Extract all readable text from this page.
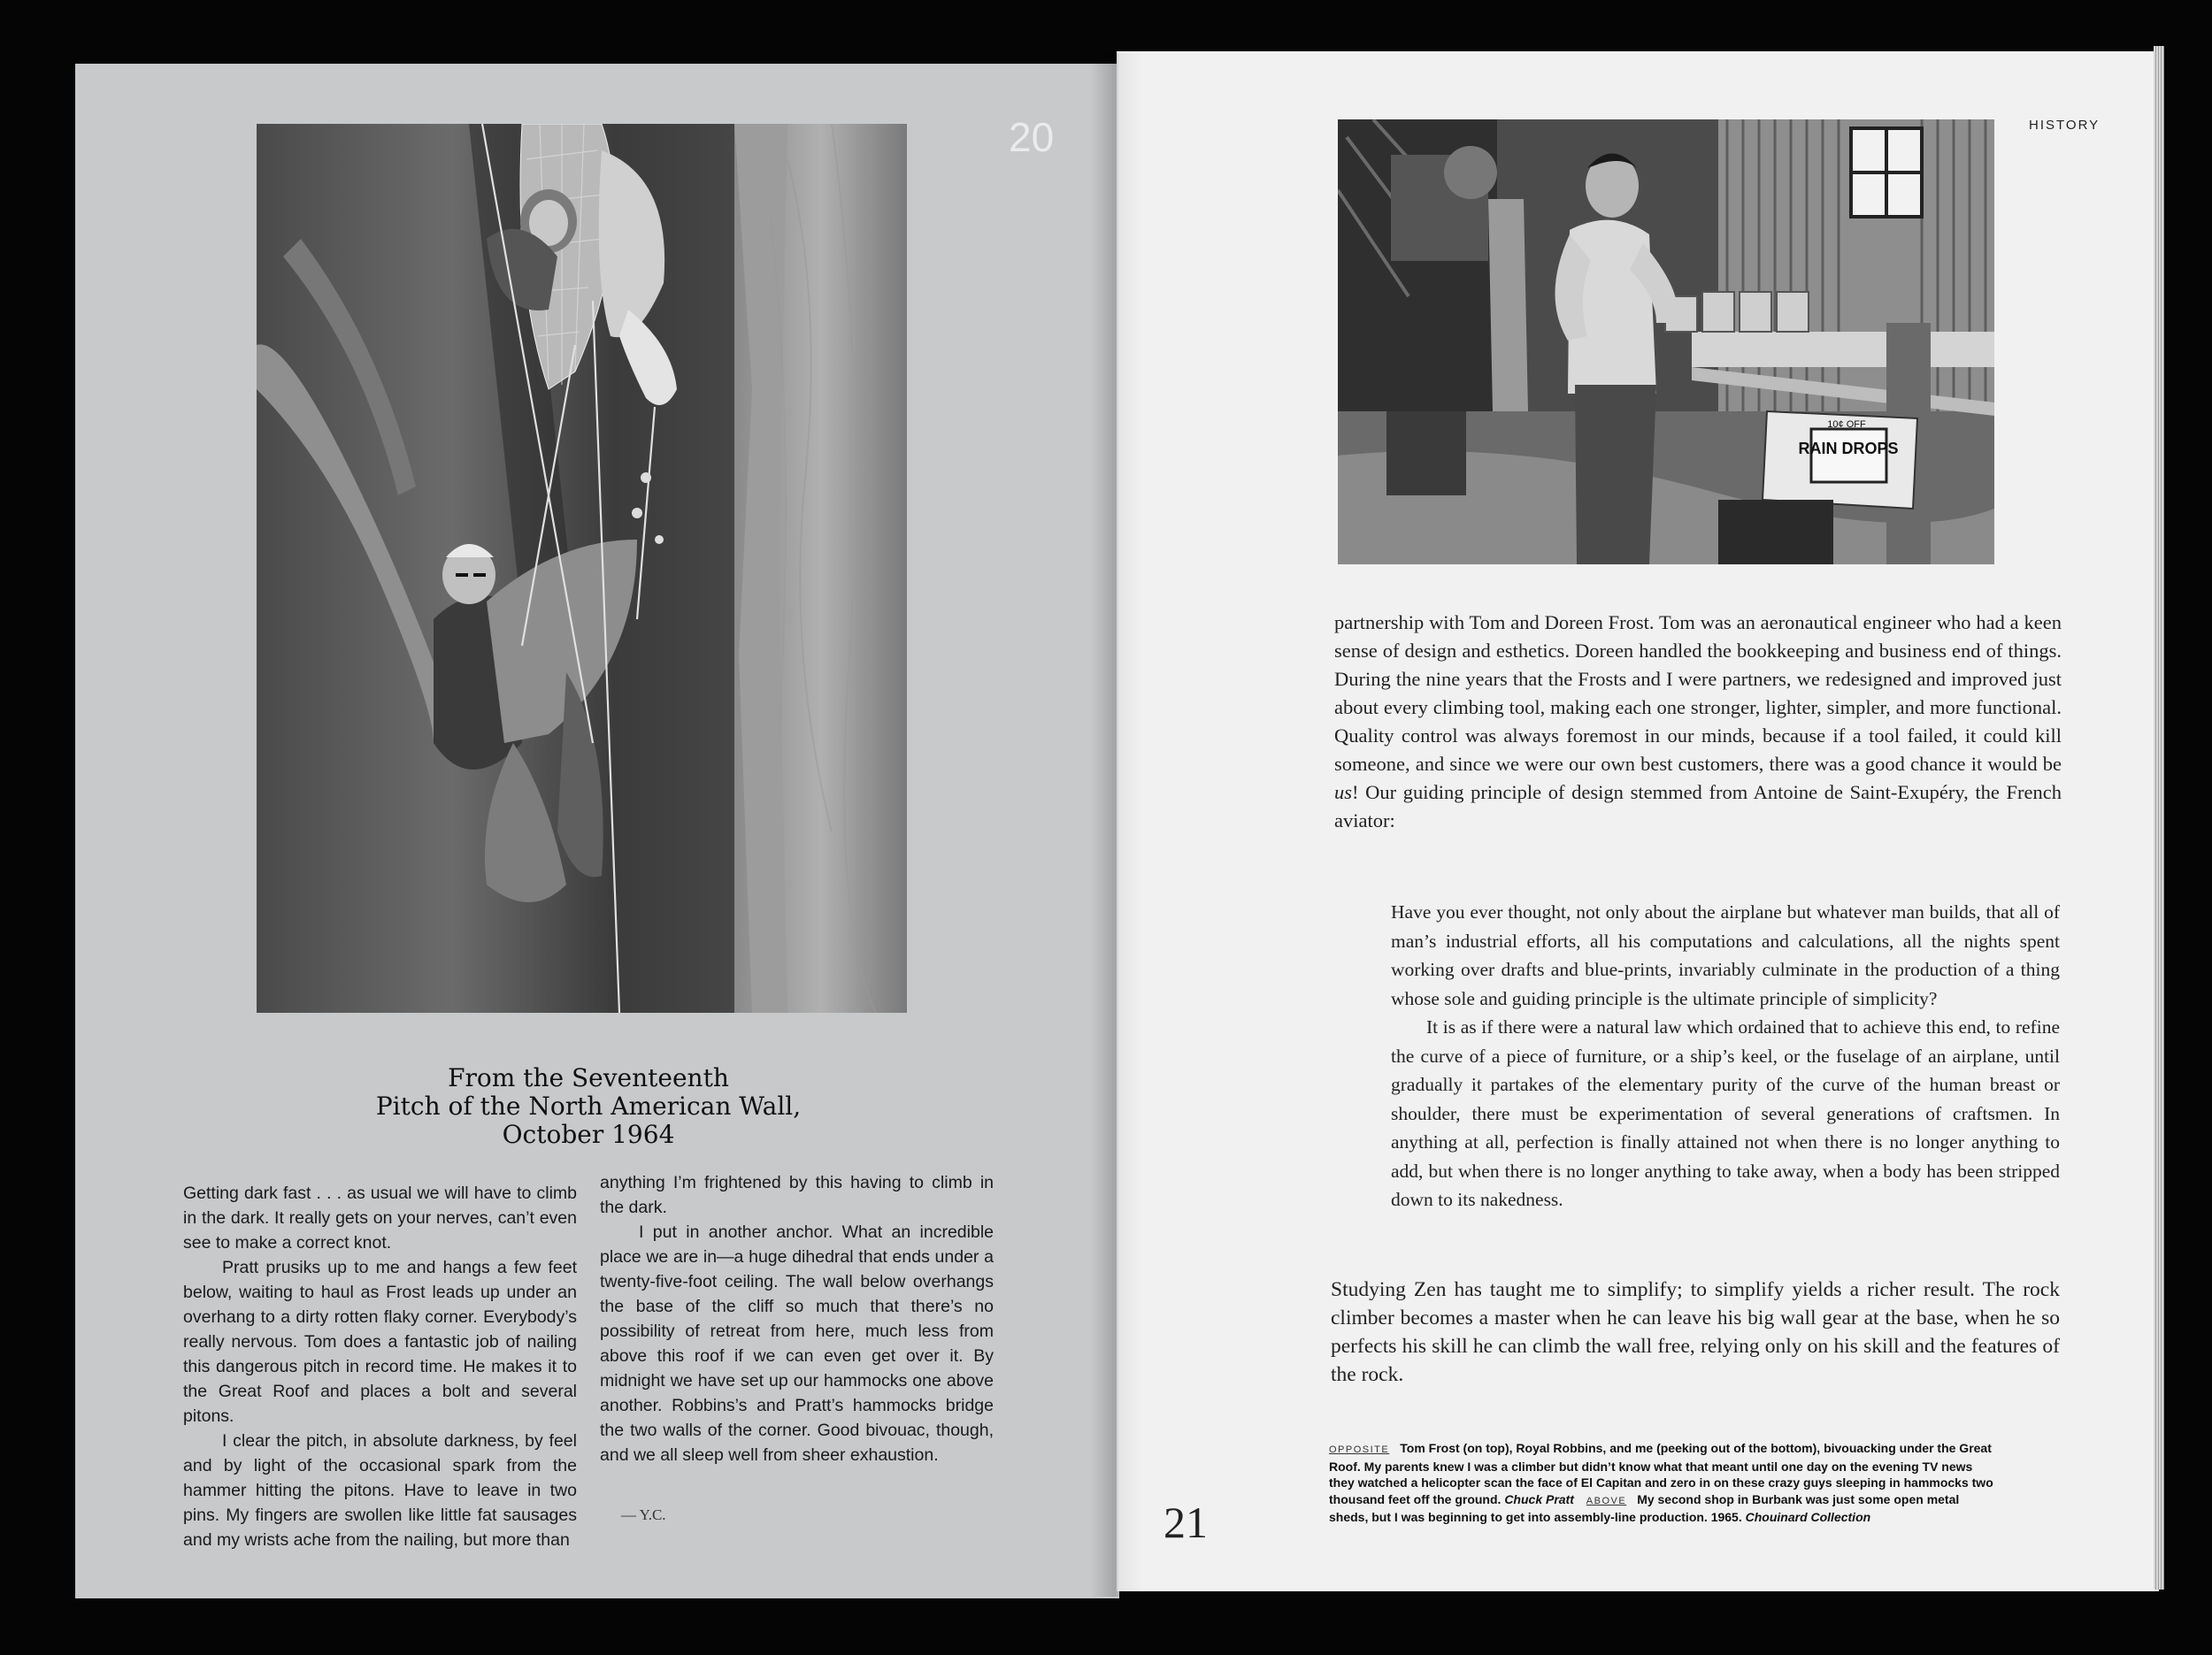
20
From the Seventeenth
Pitch of the North American Wall,
October 1964

Getting dark fast . . . as usual we will have to climb in the dark. It really gets on your nerves, can’t even see to make a correct knot.

Pratt prusiks up to me and hangs a few feet below, waiting to haul as Frost leads up under an overhang to a dirty rotten flaky corner. Everybody’s really nervous. Tom does a fantastic job of nailing this dangerous pitch in record time. He makes it to the Great Roof and places a bolt and several pitons.

I clear the pitch, in absolute darkness, by feel and by light of the occasional spark from the hammer hitting the pitons. Have to leave in two pins. My fingers are swollen like little fat sausages and my wrists ache from the nailing, but more than

anything I’m frightened by this having to climb in the dark.

I put in another anchor. What an incredible place we are in—a huge dihedral that ends under a twenty-five-foot ceiling. The wall below overhangs the base of the cliff so much that there’s no possibility of retreat from here, much less from above this roof if we can even get over it. By midnight we have set up our hammocks one above another. Robbins’s and Pratt’s hammocks bridge the two walls of the corner. Good bivouac, though, and we all sleep well from sheer exhaustion.

— Y.C.
RAIN DROPS
10¢ OFF
HISTORY

partnership with Tom and Doreen Frost. Tom was an aeronautical engineer who had a keen sense of design and esthetics. Doreen handled the bookkeeping and business end of things. During the nine years that the Frosts and I were partners, we redesigned and improved just about every climbing tool, making each one stronger, lighter, simpler, and more functional. Quality control was always foremost in our minds, because if a tool failed, it could kill someone, and since we were our own best customers, there was a good chance it would be us! Our guiding principle of design stemmed from Antoine de Saint-Exupéry, the French aviator:

Have you ever thought, not only about the airplane but whatever man builds, that all of man’s industrial efforts, all his computations and calculations, all the nights spent working over drafts and blue-prints, invariably culminate in the production of a thing whose sole and guiding principle is the ultimate principle of simplicity?

It is as if there were a natural law which ordained that to achieve this end, to refine the curve of a piece of furniture, or a ship’s keel, or the fuselage of an airplane, until gradually it partakes of the elementary purity of the curve of the human breast or shoulder, there must be experimentation of several generations of craftsmen. In anything at all, perfection is finally attained not when there is no longer anything to add, but when there is no longer anything to take away, when a body has been stripped down to its nakedness.

Studying Zen has taught me to simplify; to simplify yields a richer result. The rock climber becomes a master when he can leave his big wall gear at the base, when he so perfects his skill he can climb the wall free, relying only on his skill and the features of the rock.

21
OPPOSITE Tom Frost (on top), Royal Robbins, and me (peeking out of the bottom), bivouacking under the Great Roof. My parents knew I was a climber but didn’t know what that meant until one day on the evening TV news they watched a helicopter scan the face of El Capitan and zero in on these crazy guys sleeping in hammocks two thousand feet off the ground. Chuck Pratt ABOVE My second shop in Burbank was just some open metal sheds, but I was beginning to get into assembly-line production. 1965. Chouinard Collection
